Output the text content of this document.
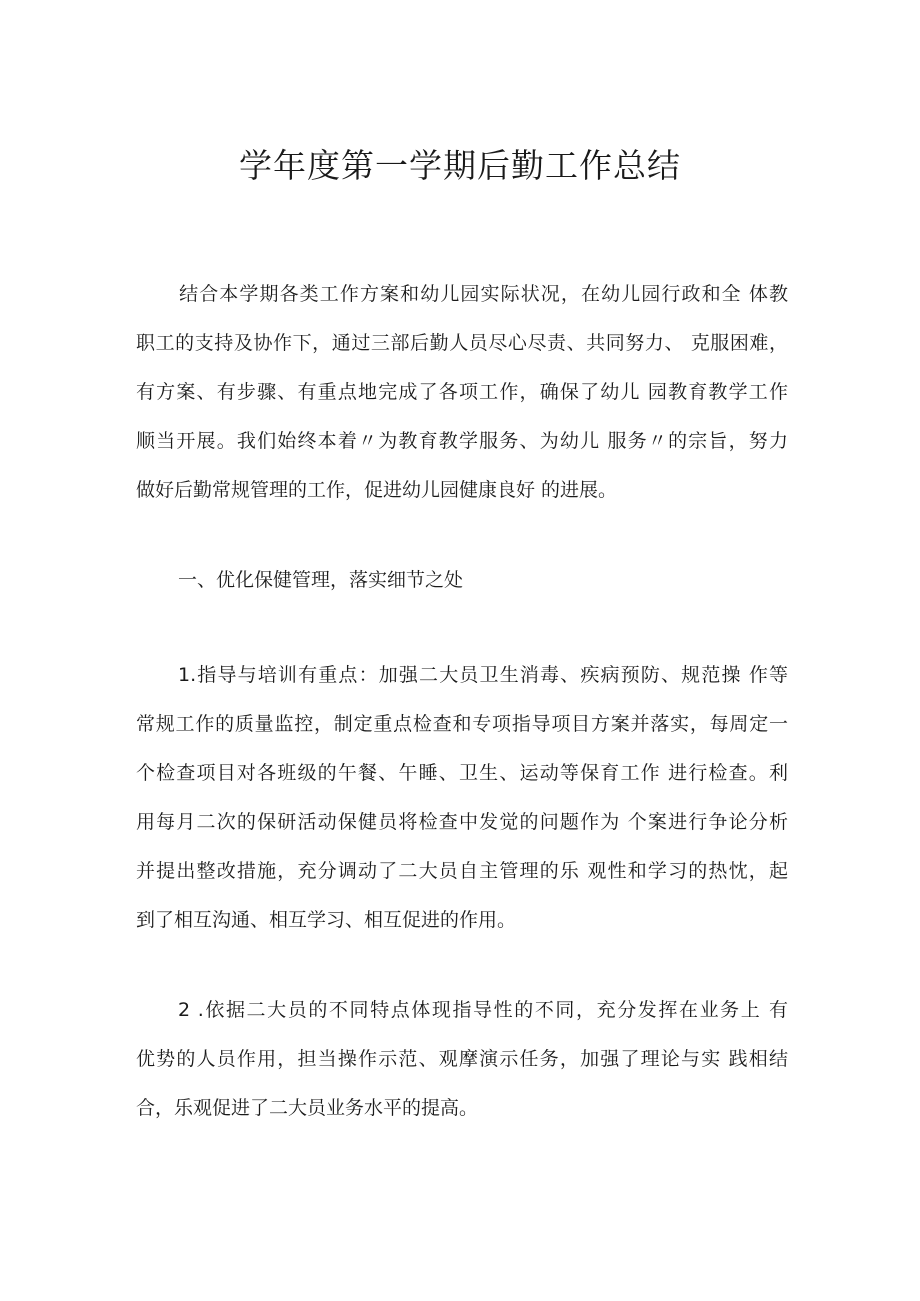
学年度第一学期后勤工作总结
结合本学期各类工作方案和幼儿园实际状况，在幼儿园行政和全 体教
职工的支持及协作下，通过三部后勤人员尽心尽责、共同努力、 克服困难，
有方案、有步骤、有重点地完成了各项工作，确保了幼儿 园教育教学工作
顺当开展。我们始终本着〃为教育教学服务、为幼儿 服务〃的宗旨，努力
做好后勤常规管理的工作，促进幼儿园健康良好 的进展。
一、优化保健管理，落实细节之处
1.指导与培训有重点：加强二大员卫生消毒、疾病预防、规范操 作等
常规工作的质量监控，制定重点检查和专项指导项目方案并落实，每周定一
个检查项目对各班级的午餐、午睡、卫生、运动等保育工作 进行检查。利
用每月二次的保研活动保健员将检查中发觉的问题作为 个案进行争论分析
并提出整改措施，充分调动了二大员自主管理的乐 观性和学习的热忱，起
到了相互沟通、相互学习、相互促进的作用。
2 .依据二大员的不同特点体现指导性的不同，充分发挥在业务上 有
优势的人员作用，担当操作示范、观摩演示任务，加强了理论与实 践相结
合，乐观促进了二大员业务水平的提高。
